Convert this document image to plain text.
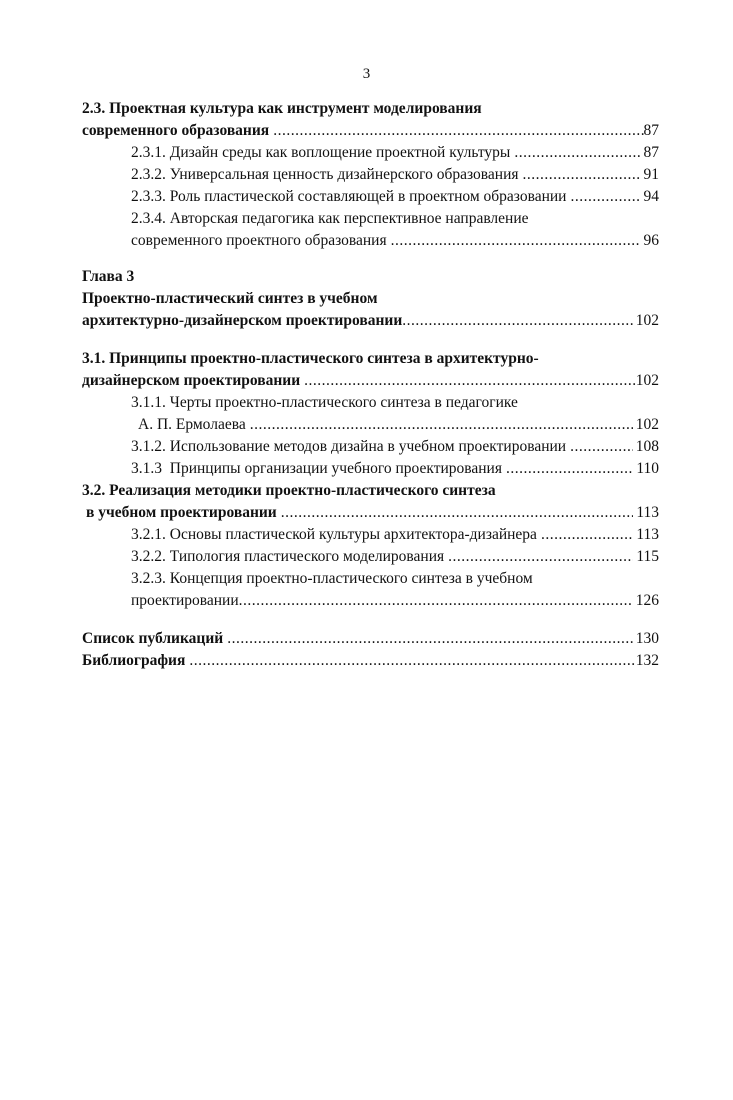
3
2.3. Проектная культура как инструмент моделирования
современного образования .....	87
2.3.1. Дизайн среды как воплощение проектной культуры .....	87
2.3.2. Универсальная ценность дизайнерского образования .....	91
2.3.3. Роль пластической составляющей в проектном образовании .....	94
2.3.4. Авторская педагогика как перспективное направление
современного проектного образования .....	96
Глава 3
Проектно-пластический синтез в учебном
архитектурно-дизайнерском проектировании .....	102
3.1. Принципы проектно-пластического синтеза в архитектурно-
дизайнерском проектировании .....	102
3.1.1. Черты проектно-пластического синтеза в педагогике
А. П. Ермолаева .....	102
3.1.2. Использование методов дизайна в учебном проектировании .....	108
3.1.3  Принципы организации учебного проектирования .....	110
3.2. Реализация методики проектно-пластического синтеза
в учебном проектировании .....	113
3.2.1. Основы пластической культуры архитектора-дизайнера .....	113
3.2.2. Типология пластического моделирования .....	115
3.2.3. Концепция проектно-пластического синтеза в учебном
проектировании .....	126
Список публикаций .....	130
Библиография .....	132
